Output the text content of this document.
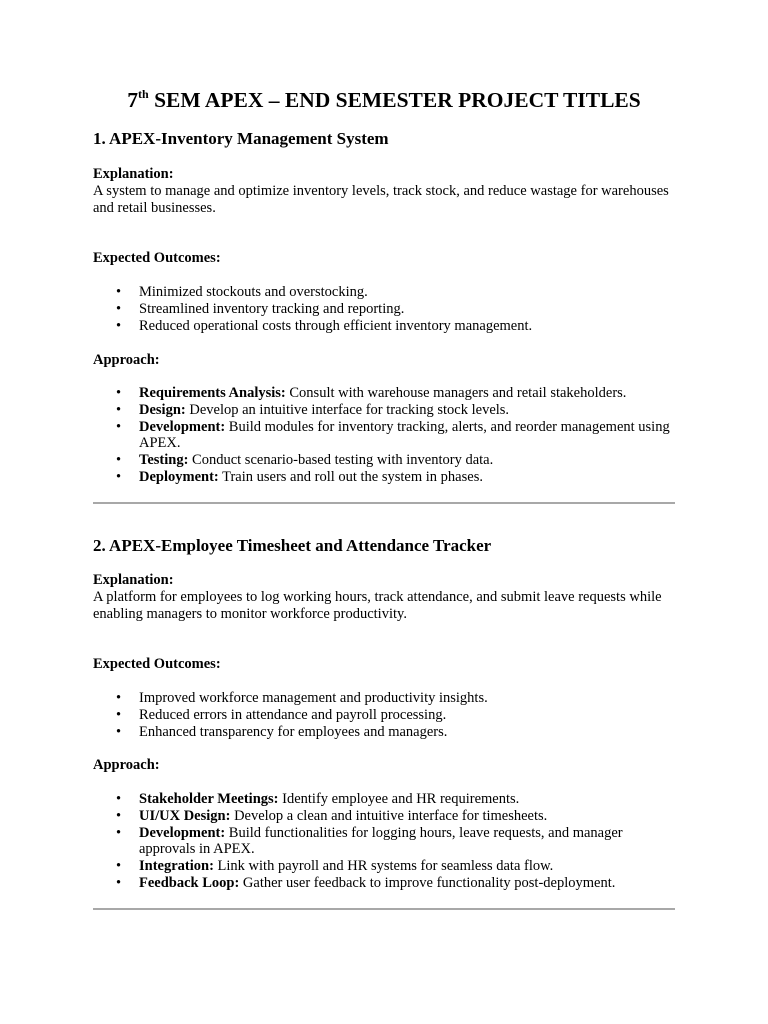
7th SEM APEX – END SEMESTER PROJECT TITLES
1. APEX-Inventory Management System
Explanation:
A system to manage and optimize inventory levels, track stock, and reduce wastage for warehouses and retail businesses.
Expected Outcomes:
• Minimized stockouts and overstocking.
• Streamlined inventory tracking and reporting.
• Reduced operational costs through efficient inventory management.
Approach:
• Requirements Analysis: Consult with warehouse managers and retail stakeholders.
• Design: Develop an intuitive interface for tracking stock levels.
• Development: Build modules for inventory tracking, alerts, and reorder management using APEX.
• Testing: Conduct scenario-based testing with inventory data.
• Deployment: Train users and roll out the system in phases.
2. APEX-Employee Timesheet and Attendance Tracker
Explanation:
A platform for employees to log working hours, track attendance, and submit leave requests while enabling managers to monitor workforce productivity.
Expected Outcomes:
• Improved workforce management and productivity insights.
• Reduced errors in attendance and payroll processing.
• Enhanced transparency for employees and managers.
Approach:
• Stakeholder Meetings: Identify employee and HR requirements.
• UI/UX Design: Develop a clean and intuitive interface for timesheets.
• Development: Build functionalities for logging hours, leave requests, and manager approvals in APEX.
• Integration: Link with payroll and HR systems for seamless data flow.
• Feedback Loop: Gather user feedback to improve functionality post-deployment.
